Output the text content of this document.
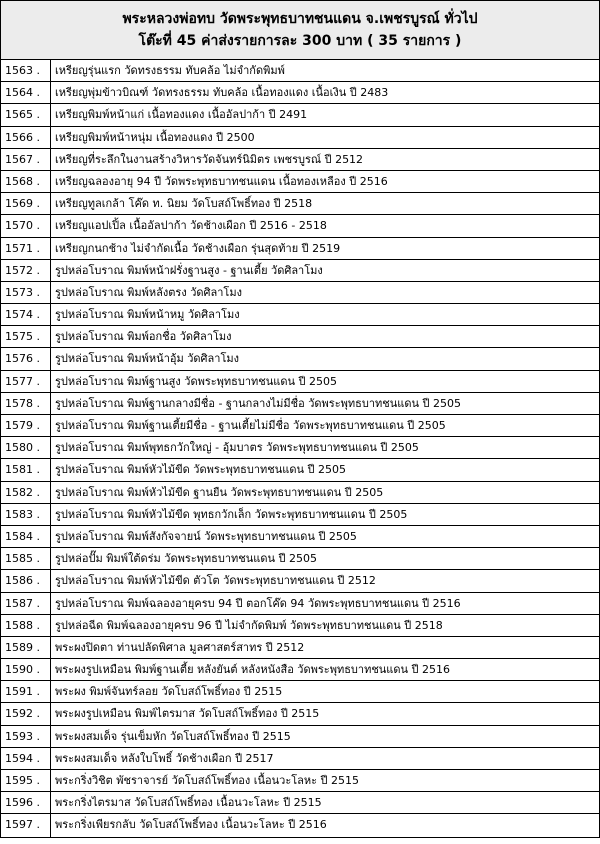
พระหลวงพ่อทบ วัดพระพุทธบาทชนแดน จ.เพชรบูรณ์ ทั่วไป
โต๊ะที่ 45 ค่าส่งรายการละ 300 บาท ( 35 รายการ )
1563 .	เหรียญรุ่นแรก วัดทรงธรรม ทับคล้อ ไม่จำกัดพิมพ์
1564 .	เหรียญพุ่มข้าวบิณฑ์ วัดทรงธรรม ทับคล้อ เนื้อทองแดง เนื้อเงิน ปี 2483
1565 .	เหรียญพิมพ์หน้าแก่ เนื้อทองแดง เนื้ออัลปาก้า ปี 2491
1566 .	เหรียญพิมพ์หน้าหนุ่ม เนื้อทองแดง ปี 2500
1567 .	เหรียญที่ระลึกในงานสร้างวิหารวัดจันทร์นิมิตร เพชรบูรณ์ ปี 2512
1568 .	เหรียญฉลองอายุ 94 ปี วัดพระพุทธบาทชนแดน เนื้อทองเหลือง ปี 2516
1569 .	เหรียญทูลเกล้า โค๊ด ท. นิยม วัดโบสถ์โพธิ์ทอง ปี 2518
1570 .	เหรียญแอปเปิ้ล เนื้ออัลปาก้า วัดช้างเผือก ปี 2516 - 2518
1571 .	เหรียญกนกช้าง ไม่จำกัดเนื้อ วัดช้างเผือก รุ่นสุดท้าย ปี 2519
1572 .	รูปหล่อโบราณ พิมพ์หน้าฝรั่งฐานสูง - ฐานเตี้ย วัดศิลาโมง
1573 .	รูปหล่อโบราณ พิมพ์หลังตรง วัดศิลาโมง
1574 .	รูปหล่อโบราณ พิมพ์หน้าหมู วัดศิลาโมง
1575 .	รูปหล่อโบราณ พิมพ์อกชื่อ วัดศิลาโมง
1576 .	รูปหล่อโบราณ พิมพ์หน้าอุ้ม วัดศิลาโมง
1577 .	รูปหล่อโบราณ พิมพ์ฐานสูง วัดพระพุทธบาทชนแดน ปี 2505
1578 .	รูปหล่อโบราณ พิมพ์ฐานกลางมีชื่อ - ฐานกลางไม่มีชื่อ วัดพระพุทธบาทชนแดน ปี 2505
1579 .	รูปหล่อโบราณ พิมพ์ฐานเตี้ยมีชื่อ - ฐานเตี้ยไม่มีชื่อ วัดพระพุทธบาทชนแดน ปี 2505
1580 .	รูปหล่อโบราณ พิมพ์พุทธกวักใหญ่ - อุ้มบาตร วัดพระพุทธบาทชนแดน ปี 2505
1581 .	รูปหล่อโบราณ พิมพ์หัวไม้ขีด วัดพระพุทธบาทชนแดน ปี 2505
1582 .	รูปหล่อโบราณ พิมพ์หัวไม้ขีด ฐานยืน วัดพระพุทธบาทชนแดน ปี 2505
1583 .	รูปหล่อโบราณ พิมพ์หัวไม้ขีด พุทธกวักเล็ก วัดพระพุทธบาทชนแดน ปี 2505
1584 .	รูปหล่อโบราณ พิมพ์สังกัจจายน์ วัดพระพุทธบาทชนแดน ปี 2505
1585 .	รูปหล่อปั๊ม พิมพ์ใต้ดร่ม วัดพระพุทธบาทชนแดน ปี 2505
1586 .	รูปหล่อโบราณ พิมพ์หัวไม้ขีด ตัวโต วัดพระพุทธบาทชนแดน ปี 2512
1587 .	รูปหล่อโบราณ พิมพ์ฉลองอายุครบ 94 ปี ตอกโค๊ด 94 วัดพระพุทธบาทชนแดน ปี 2516
1588 .	รูปหล่อฉีด พิมพ์ฉลองอายุครบ 96 ปี ไม่จำกัดพิมพ์ วัดพระพุทธบาทชนแดน ปี 2518
1589 .	พระผงปิดตา ท่านปลัดพิศาล มูลศาสตร์สาทร ปี 2512
1590 .	พระผงรูปเหมือน พิมพ์ฐานเตี้ย หลังยันต์ หลังหนังสือ วัดพระพุทธบาทชนแดน ปี 2516
1591 .	พระผง พิมพ์จันทร์ลอย วัดโบสถ์โพธิ์ทอง ปี 2515
1592 .	พระผงรูปเหมือน พิมพ์ไตรมาส วัดโบสถ์โพธิ์ทอง ปี 2515
1593 .	พระผงสมเด็จ รุ่นเข็มหัก วัดโบสถ์โพธิ์ทอง ปี 2515
1594 .	พระผงสมเด็จ หลังใบโพธิ์ วัดช้างเผือก ปี 2517
1595 .	พระกริ่งวิชิต พัชราจารย์ วัดโบสถ์โพธิ์ทอง เนื้อนวะโลหะ ปี 2515
1596 .	พระกริ่งไตรมาส วัดโบสถ์โพธิ์ทอง เนื้อนวะโลหะ ปี 2515
1597 .	พระกริ่งเพียรกลับ วัดโบสถ์โพธิ์ทอง เนื้อนวะโลหะ ปี 2516
